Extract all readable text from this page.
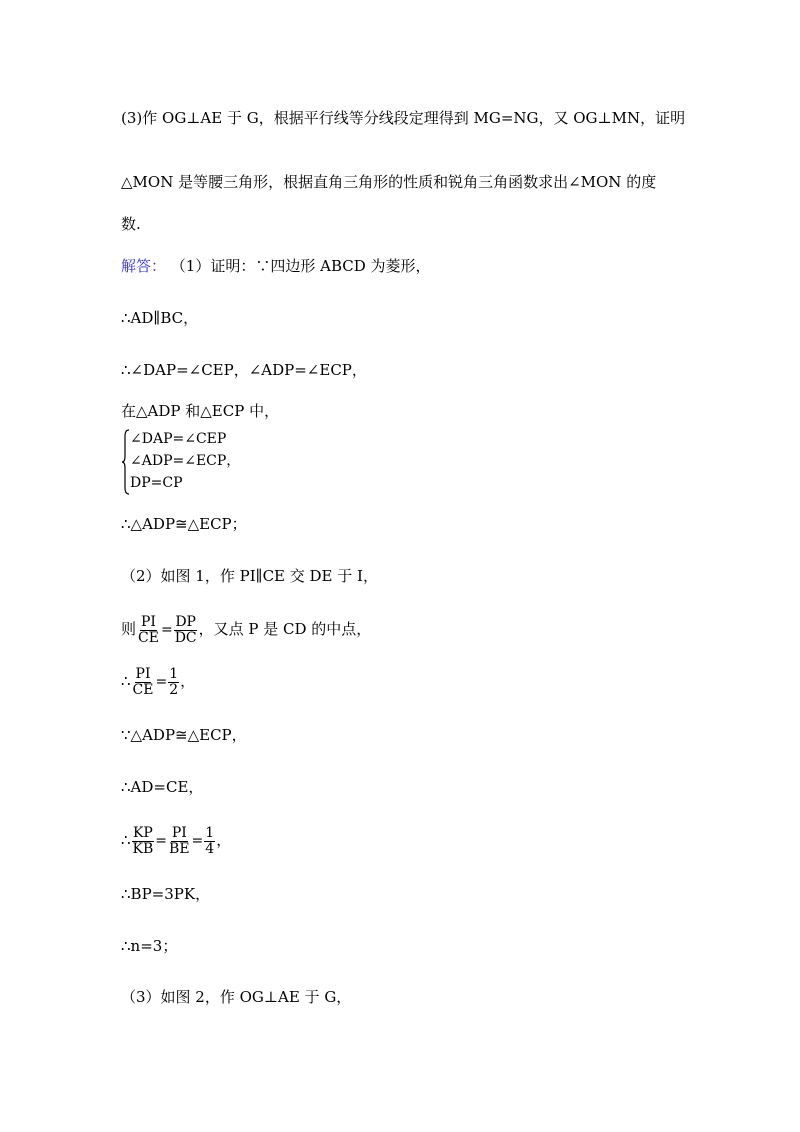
(3)作 OG⊥AE 于 G，根据平行线等分线段定理得到 MG=NG，又 OG⊥MN，证明
△MON 是等腰三角形，根据直角三角形的性质和锐角三角函数求出∠MON 的度
数.
解答： （1）证明：∵四边形 ABCD 为菱形，
∴AD∥BC，
∴∠DAP=∠CEP，∠ADP=∠ECP，
在△ADP 和△ECP 中，
∠DAP=∠CEP
∠ADP=∠ECP，
DP=CP
∴△ADP≅△ECP；
（2）如图 1，作 PI∥CE 交 DE 于 I，
则 $\frac{PI}{CE} = \frac{DP}{DC}$ ，又点 P 是 CD 的中点，
∴ $\frac{PI}{CE} = \frac{1}{2}$ ，
∵△ADP≅△ECP，
∴AD=CE，
∴ $\frac{KP}{KB} = \frac{PI}{BE} = \frac{1}{4}$ ，
∴BP=3PK，
∴n=3；
（3）如图 2，作 OG⊥AE 于 G，
